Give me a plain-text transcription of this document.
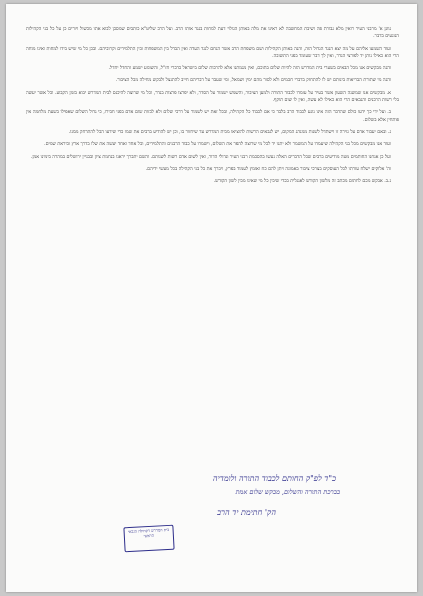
גוונן א' מרבני העיר רואין מלא גבורת פה ושיבת המחשבה לא ראינו את מלה באותן הגולוי דעת למחות בנגד אותו הרב. ועל הרב שליט"א כותבים שמסכן לבוא אתו מכשול ויורים כן על כל בני הקהילות הנוגעים בדבר.

ועוד השמעו אליהם על מה יצא הנגד הגדול הזה, והנה באותן הקהילות ושם משפחת הרב אשר הנחם לנגד העדה ואין הבדל בין המשפחות ובין התלמידים וקרוביהם. ובכן כל מי שיש בידו למחות ואינו מוחה הרי הוא כאילו נותן יד לפורצי הגדר, ואין לך דבר שעומד בפני התשובה.

והנה מבקשים אנו מכל הבאים בשערי בית המדרש הזה להיות שלום בתוכם, ואין מגמתנו אלא להרבות שלום בישראל כדברי חז"ל, והשומע ישמע והחדל יחדל.

והנה מי שתורת הבריאות בינותם יש לו להתחזק בדברי חכמים ולא לסור מהם ימין ושמאל, ומי שעבר על דבריהם חייב להתנצל ולבקש מחילה מכל הציבור.

א. מבקשים אנו שמשנה השעון אשר בעיר על עומדו לכבוד התורה ולמען הציבור, והשמש ישמור על הסדר, ולא יפרצו פרצות בגדר, וכל מי שרוצה להיכנס לבית המדרש יבוא בזמן הקבוע. וכל אשר יעשה בלי רשות הרבנים והגבאים הרי הוא כאילו לא עשה, ואין לו שום תוקף.

ב. ועל ידי כך ידעו כולם שהדבר הזה אינו נוגע לכבוד הרב בלבד כי אם לכבוד כל הקהילה, ובכל זאת יש לשמור על דרכי שלום ולא לבזות שום אדם בפני חבירו, כי גדול השלום שאפילו בשעת מלחמה אין פותחין אלא בשלום.

ג. ובאם יעבור אדם על גזירה זו וישתדל לשנות ממנהג המקום, יש לגבאים הרשות להוציאו מבית המדרש עד שיחזור בו, וכן יש להודיע ברבים את שמו כדי שידעו הכל להתרחק ממנו.

ועוד אנו מבקשים מכל בני הקהילה שיעמדו על המשמר ולא יתנו יד לכל מי שרוצה להפר את השלום, וישמרו על כבוד הרבנים והתלמידים, וכל אחד ואחד יעשה את שלו בדרך ארץ וביראת שמים.

ועל כן אנחנו החותמים מטה מודיעים ברבים שכל הדברים האלה נעשו בהסכמת רבני העיר וגדולי הדור, ואין לשום אדם רשות לשנותם. והשם יתברך יראנו בנחמת ציון ובבניין ירושלים במהרה בימינו אמן.

וה' אלוקים ישלח עזרתו לכל העוסקים בצרכי ציבור באמונה ויתן להם כח ואומץ לעמוד בפרץ, ויברך את כל בני הקהילה בכל מעשי ידיהם.

נ.ב. אבקש מכם לחתום מכתב זה מלשון הקודש לאנגלית בכדי שיבין כל מי שאינו מבין לשון הקודש.

כ"ד לפ"ק החותם לכבוד התורה ולומדיה
בברכת התורה והשלום, מבקש שלום אמת
הק' חתימת יד הרב
בית המדרש דקהילה הגבאי הראשי
